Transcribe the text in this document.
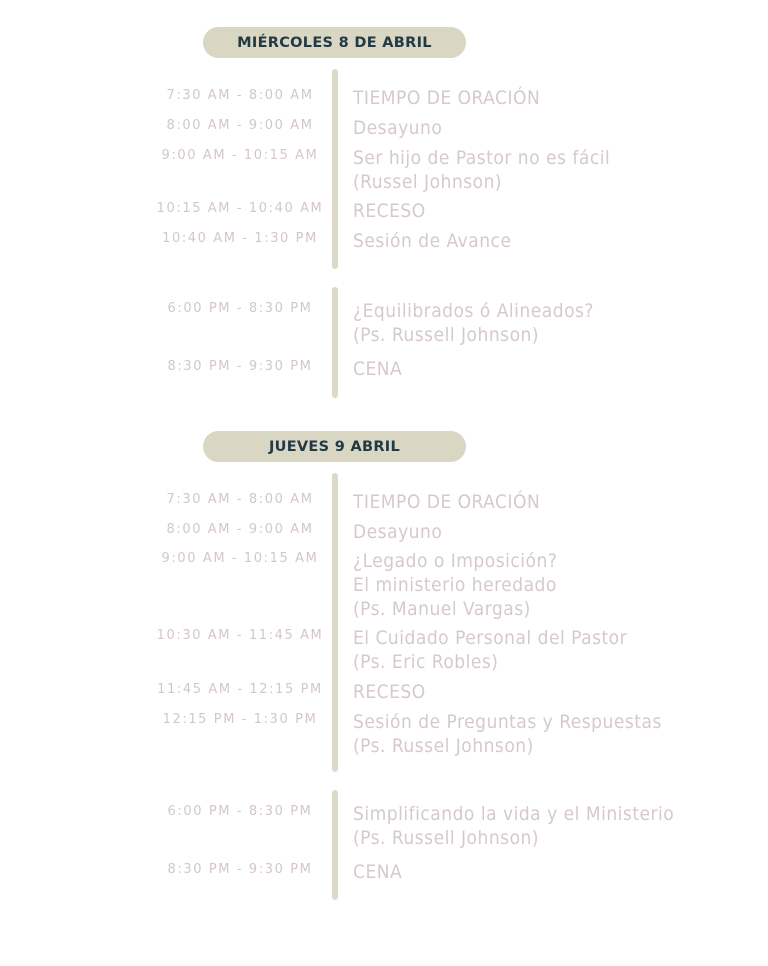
MIÉRCOLES 8 DE ABRIL
7:30 AM - 8:00 AM	TIEMPO DE ORACIÓN
8:00 AM - 9:00 AM	Desayuno
9:00 AM - 10:15 AM	Ser hijo de Pastor no es fácil
(Russel Johnson)
10:15 AM - 10:40 AM	RECESO
10:40 AM - 1:30 PM	Sesión de Avance
6:00 PM - 8:30 PM	¿Equilibrados ó Alineados?
(Ps. Russell Johnson)
8:30 PM - 9:30 PM	CENA
JUEVES 9 ABRIL
7:30 AM - 8:00 AM	TIEMPO DE ORACIÓN
8:00 AM - 9:00 AM	Desayuno
9:00 AM - 10:15 AM	¿Legado o Imposición?
El ministerio heredado
(Ps. Manuel Vargas)
10:30 AM - 11:45 AM	El Cuidado Personal del Pastor
(Ps. Eric Robles)
11:45 AM - 12:15 PM	RECESO
12:15 PM - 1:30 PM	Sesión de Preguntas y Respuestas
(Ps. Russel Johnson)
6:00 PM - 8:30 PM	Simplificando la vida y el Ministerio
(Ps. Russell Johnson)
8:30 PM - 9:30 PM	CENA
